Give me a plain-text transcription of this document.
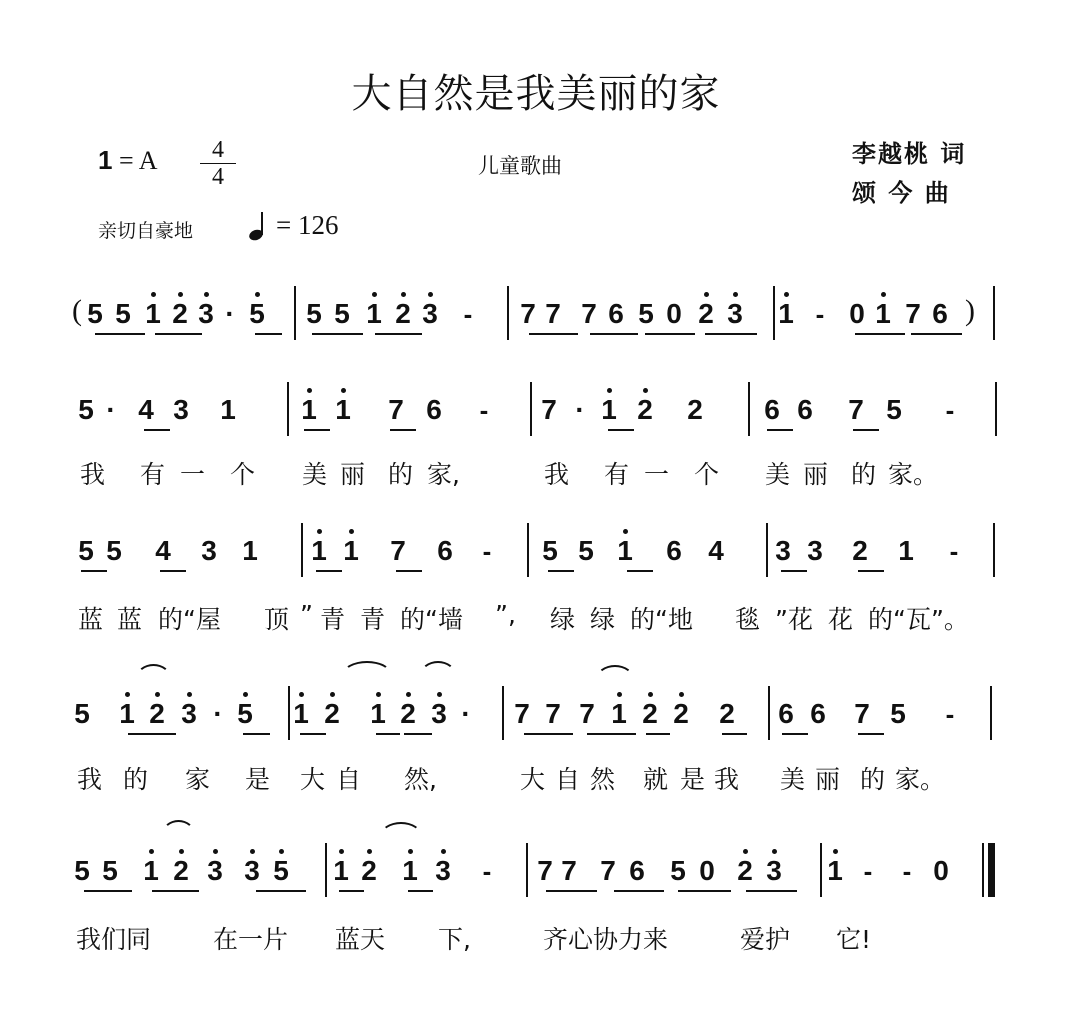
大自然是我美丽的家
1 = A	4
4	儿童歌曲	李越桃 词
颂 今 曲
亲切自豪地	= 126
5 5 1 2 3 · 5 5 5 1 2 3 - 7 7 7 6 5 0 2 3 1 - 0 1 7 6
(	)
5 · 4 3 1 1 1 7 6 - 7 · 1 2 2 6 6 7 5 -
5 5 4 3 1 1 1 7 6 - 5 5 1 6 4 3 3 2 1 -
5 1 2 3 · 5 1 2 1 2 3 · 7 7 7 1 2 2 2 6 6 7 5 -
5 5 1 2 3 3 5 1 2 1 3 - 7 7 7 6 5 0 2 3 1 - - 0
我 有 一 个 美 丽 的 家,	我 有 一 个 美 丽 的 家。
蓝 蓝 的“屋 顶 ” 青 青 的“墙 ”, 绿 绿 的“地 毯 ”花 花 的“瓦”。
我 的 家 是 大 自 然,	大 自 然 就 是 我 美 丽 的 家。
我们同 在一片 蓝天 下,	齐心协力来	爱护 它!
